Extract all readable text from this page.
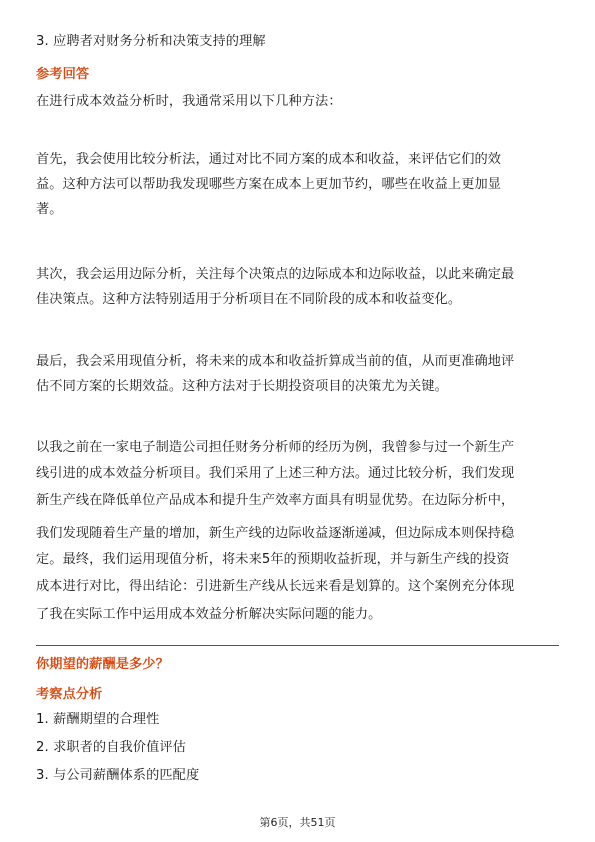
3. 应聘者对财务分析和决策支持的理解
参考回答
在进行成本效益分析时，我通常采用以下几种方法：
首先，我会使用比较分析法，通过对比不同方案的成本和收益，来评估它们的效
益。这种方法可以帮助我发现哪些方案在成本上更加节约，哪些在收益上更加显
著。
其次，我会运用边际分析，关注每个决策点的边际成本和边际收益，以此来确定最
佳决策点。这种方法特别适用于分析项目在不同阶段的成本和收益变化。
最后，我会采用现值分析，将未来的成本和收益折算成当前的值，从而更准确地评
估不同方案的长期效益。这种方法对于长期投资项目的决策尤为关键。
以我之前在一家电子制造公司担任财务分析师的经历为例，我曾参与过一个新生产
线引进的成本效益分析项目。我们采用了上述三种方法。通过比较分析，我们发现
新生产线在降低单位产品成本和提升生产效率方面具有明显优势。在边际分析中，
我们发现随着生产量的增加，新生产线的边际收益逐渐递减，但边际成本则保持稳
定。最终，我们运用现值分析，将未来5年的预期收益折现，并与新生产线的投资
成本进行对比，得出结论：引进新生产线从长远来看是划算的。这个案例充分体现
了我在实际工作中运用成本效益分析解决实际问题的能力。
你期望的薪酬是多少？
考察点分析
1. 薪酬期望的合理性
2. 求职者的自我价值评估
3. 与公司薪酬体系的匹配度
第6页，共51页
